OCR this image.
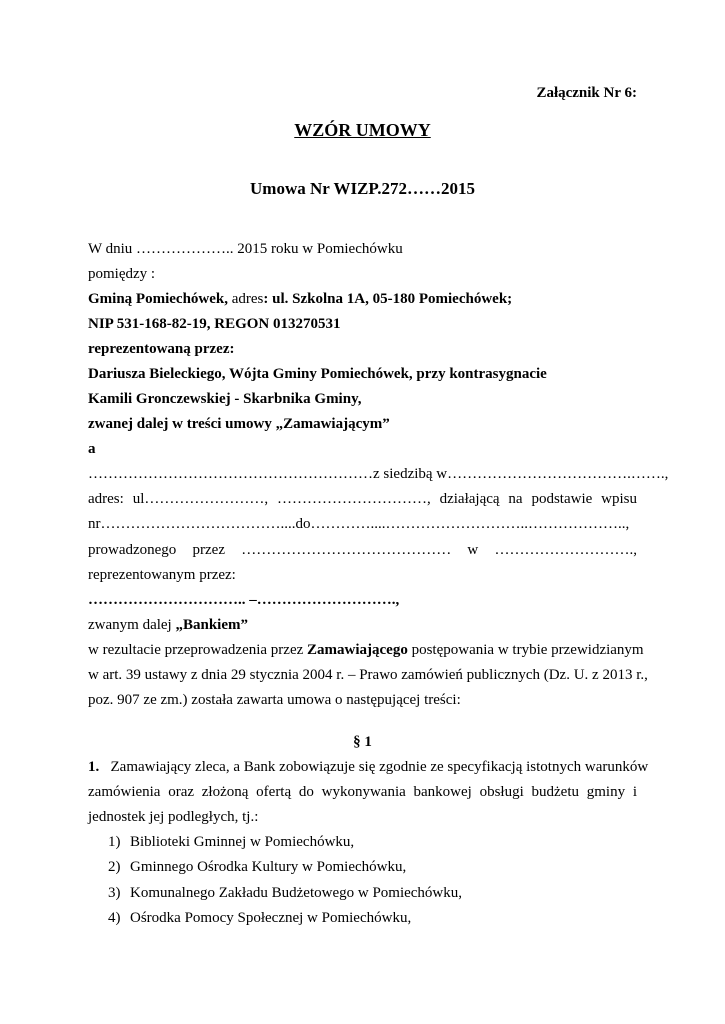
Załącznik Nr 6:
WZÓR UMOWY
Umowa Nr WIZP.272……2015
W dniu ……………….. 2015 roku w Pomiechówku
pomiędzy :
Gminą Pomiechówek, adres: ul. Szkolna 1A, 05-180 Pomiechówek;
NIP 531-168-82-19, REGON 013270531
reprezentowaną przez:
Dariusza Bieleckiego, Wójta Gminy Pomiechówek, przy kontrasygnacie
Kamili Gronczewskiej - Skarbnika Gminy,
zwanej dalej w treści umowy „Zamawiającym”
a
…………………………………………………z siedzibą w……………………………….…….,
adres: ul……………………, …………………………, działającą na podstawie wpisu
nr………………………………....do…………....………………………..………………..,
prowadzonego przez …………………………………… w ……………………….,
reprezentowanym przez:
………………………….. –……………………….,
zwanym dalej „Bankiem”
w rezultacie przeprowadzenia przez Zamawiającego postępowania w trybie przewidzianym
w art. 39 ustawy z dnia 29 stycznia 2004 r. – Prawo zamówień publicznych (Dz. U. z 2013 r.,
poz. 907 ze zm.) została zawarta umowa o następującej treści:
§ 1
1. Zamawiający zleca, a Bank zobowiązuje się zgodnie ze specyfikacją istotnych warunków
zamówienia oraz złożoną ofertą do wykonywania bankowej obsługi budżetu gminy i
jednostek jej podległych, tj.:
1) Biblioteki Gminnej w Pomiechówku,
2) Gminnego Ośrodka Kultury w Pomiechówku,
3) Komunalnego Zakładu Budżetowego w Pomiechówku,
4) Ośrodka Pomocy Społecznej w Pomiechówku,
